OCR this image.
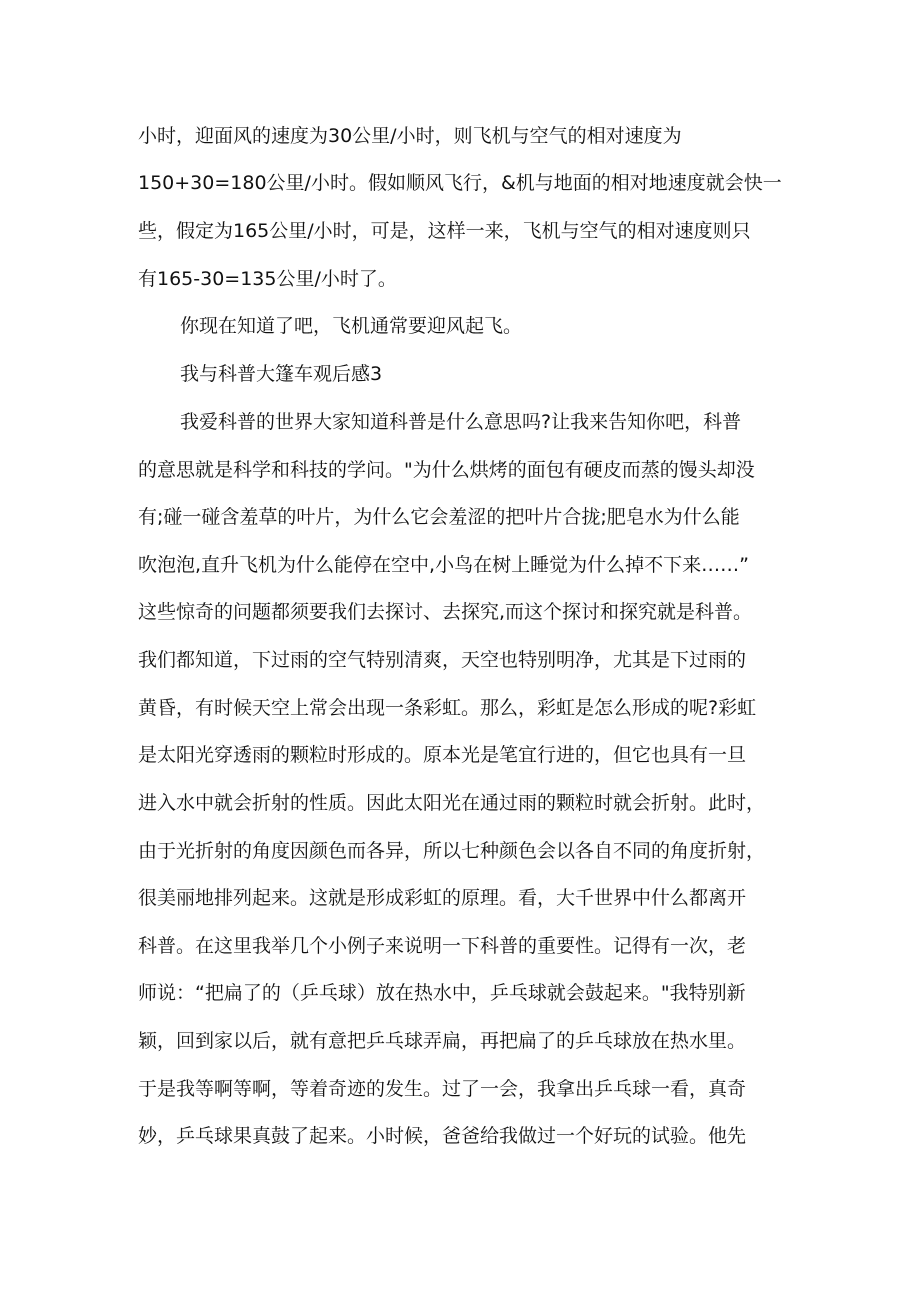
小时，迎面风的速度为30公里/小时，则飞机与空气的相对速度为
150+30=180公里/小时。假如顺风飞行，&机与地面的相对地速度就会快一
些，假定为165公里/小时，可是，这样一来，飞机与空气的相对速度则只
有165-30=135公里/小时了。
你现在知道了吧，飞机通常要迎风起飞。
我与科普大篷车观后感3
我爱科普的世界大家知道科普是什么意思吗?让我来告知你吧，科普
的意思就是科学和科技的学问。"为什么烘烤的面包有硬皮而蒸的馒头却没
有;碰一碰含羞草的叶片，为什么它会羞涩的把叶片合拢;肥皂水为什么能
吹泡泡,直升飞机为什么能停在空中,小鸟在树上睡觉为什么掉不下来……”
这些惊奇的问题都须要我们去探讨、去探究,而这个探讨和探究就是科普。
我们都知道，下过雨的空气特别清爽，天空也特别明净，尤其是下过雨的
黄昏，有时候天空上常会出现一条彩虹。那么，彩虹是怎么形成的呢?彩虹
是太阳光穿透雨的颗粒时形成的。原本光是笔宜行进的，但它也具有一旦
进入水中就会折射的性质。因此太阳光在通过雨的颗粒时就会折射。此时，
由于光折射的角度因颜色而各异，所以七种颜色会以各自不同的角度折射，
很美丽地排列起来。这就是形成彩虹的原理。看，大千世界中什么都离开
科普。在这里我举几个小例子来说明一下科普的重要性。记得有一次，老
师说：“把扁了的（乒乓球）放在热水中，乒乓球就会鼓起来。"我特别新
颖，回到家以后，就有意把乒乓球弄扁，再把扁了的乒乓球放在热水里。
于是我等啊等啊，等着奇迹的发生。过了一会，我拿出乒乓球一看，真奇
妙，乒乓球果真鼓了起来。小时候，爸爸给我做过一个好玩的试验。他先
